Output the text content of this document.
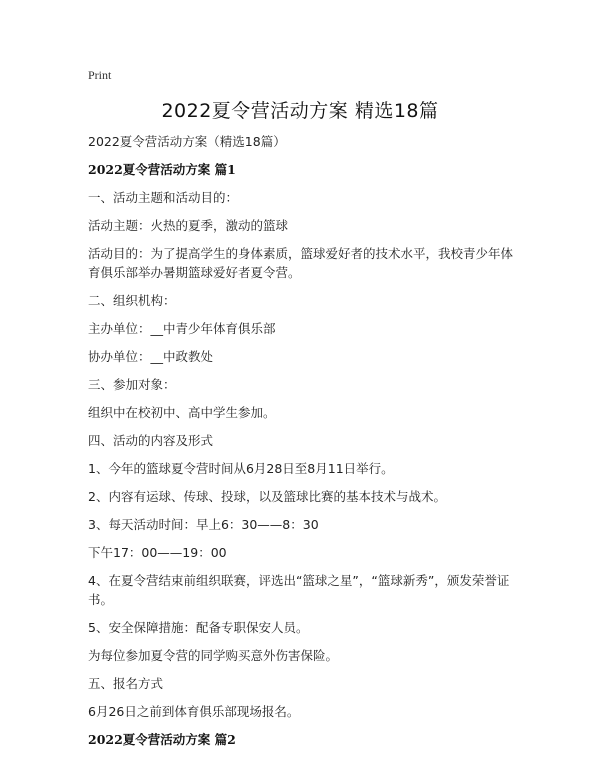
Print
2022夏令营活动方案 精选18篇
2022夏令营活动方案（精选18篇）
2022夏令营活动方案 篇1
一、活动主题和活动目的：
活动主题：火热的夏季，激动的篮球
活动目的：为了提高学生的身体素质，篮球爱好者的技术水平，我校青少年体育俱乐部举办暑期篮球爱好者夏令营。
二、组织机构：
主办单位：__中青少年体育俱乐部
协办单位：__中政教处
三、参加对象：
组织中在校初中、高中学生参加。
四、活动的内容及形式
1、今年的篮球夏令营时间从6月28日至8月11日举行。
2、内容有运球、传球、投球，以及篮球比赛的基本技术与战术。
3、每天活动时间：早上6：30——8：30
下午17：00——19：00
4、在夏令营结束前组织联赛，评选出“篮球之星”，“篮球新秀”，颁发荣誉证书。
5、安全保障措施：配备专职保安人员。
为每位参加夏令营的同学购买意外伤害保险。
五、报名方式
6月26日之前到体育俱乐部现场报名。
2022夏令营活动方案 篇2
